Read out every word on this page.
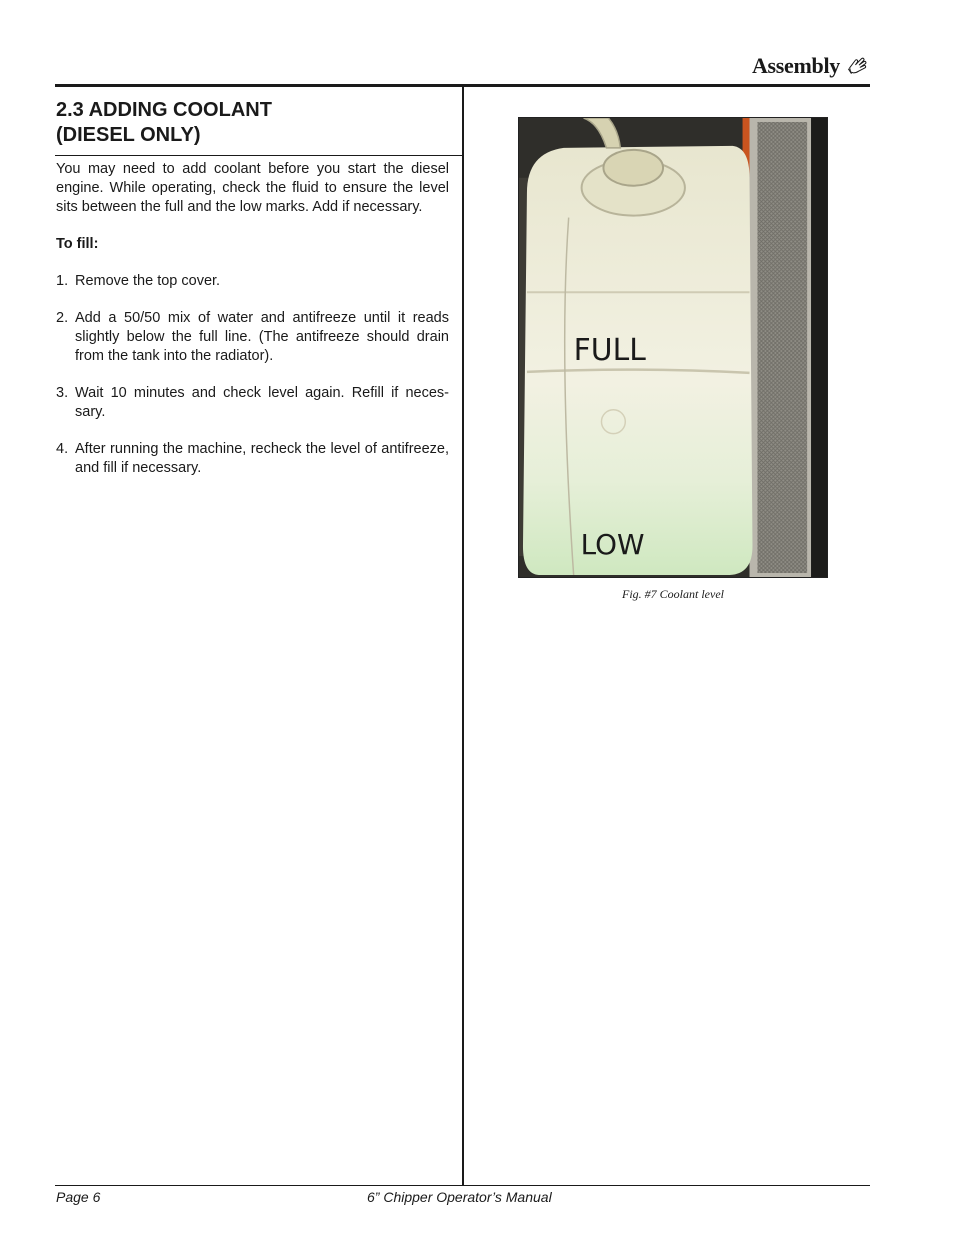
Assembly
2.3 ADDING COOLANT
(DIESEL ONLY)

You may need to add coolant before you start the diesel engine. While operating, check the fluid to ensure the level sits between the full and the low marks. Add if necessary.

To fill:

1. Remove the top cover.
2. Add a 50/50 mix of water and antifreeze until it reads slightly below the full line. (The antifreeze should drain from the tank into the radiator).
3. Wait 10 minutes and check level again. Refill if neces-sary.
4. After running the machine, recheck the level of antifreeze, and fill if necessary.
FULL
LOW
Fig. #7 Coolant level
Page 6	6” Chipper Operator’s Manual
